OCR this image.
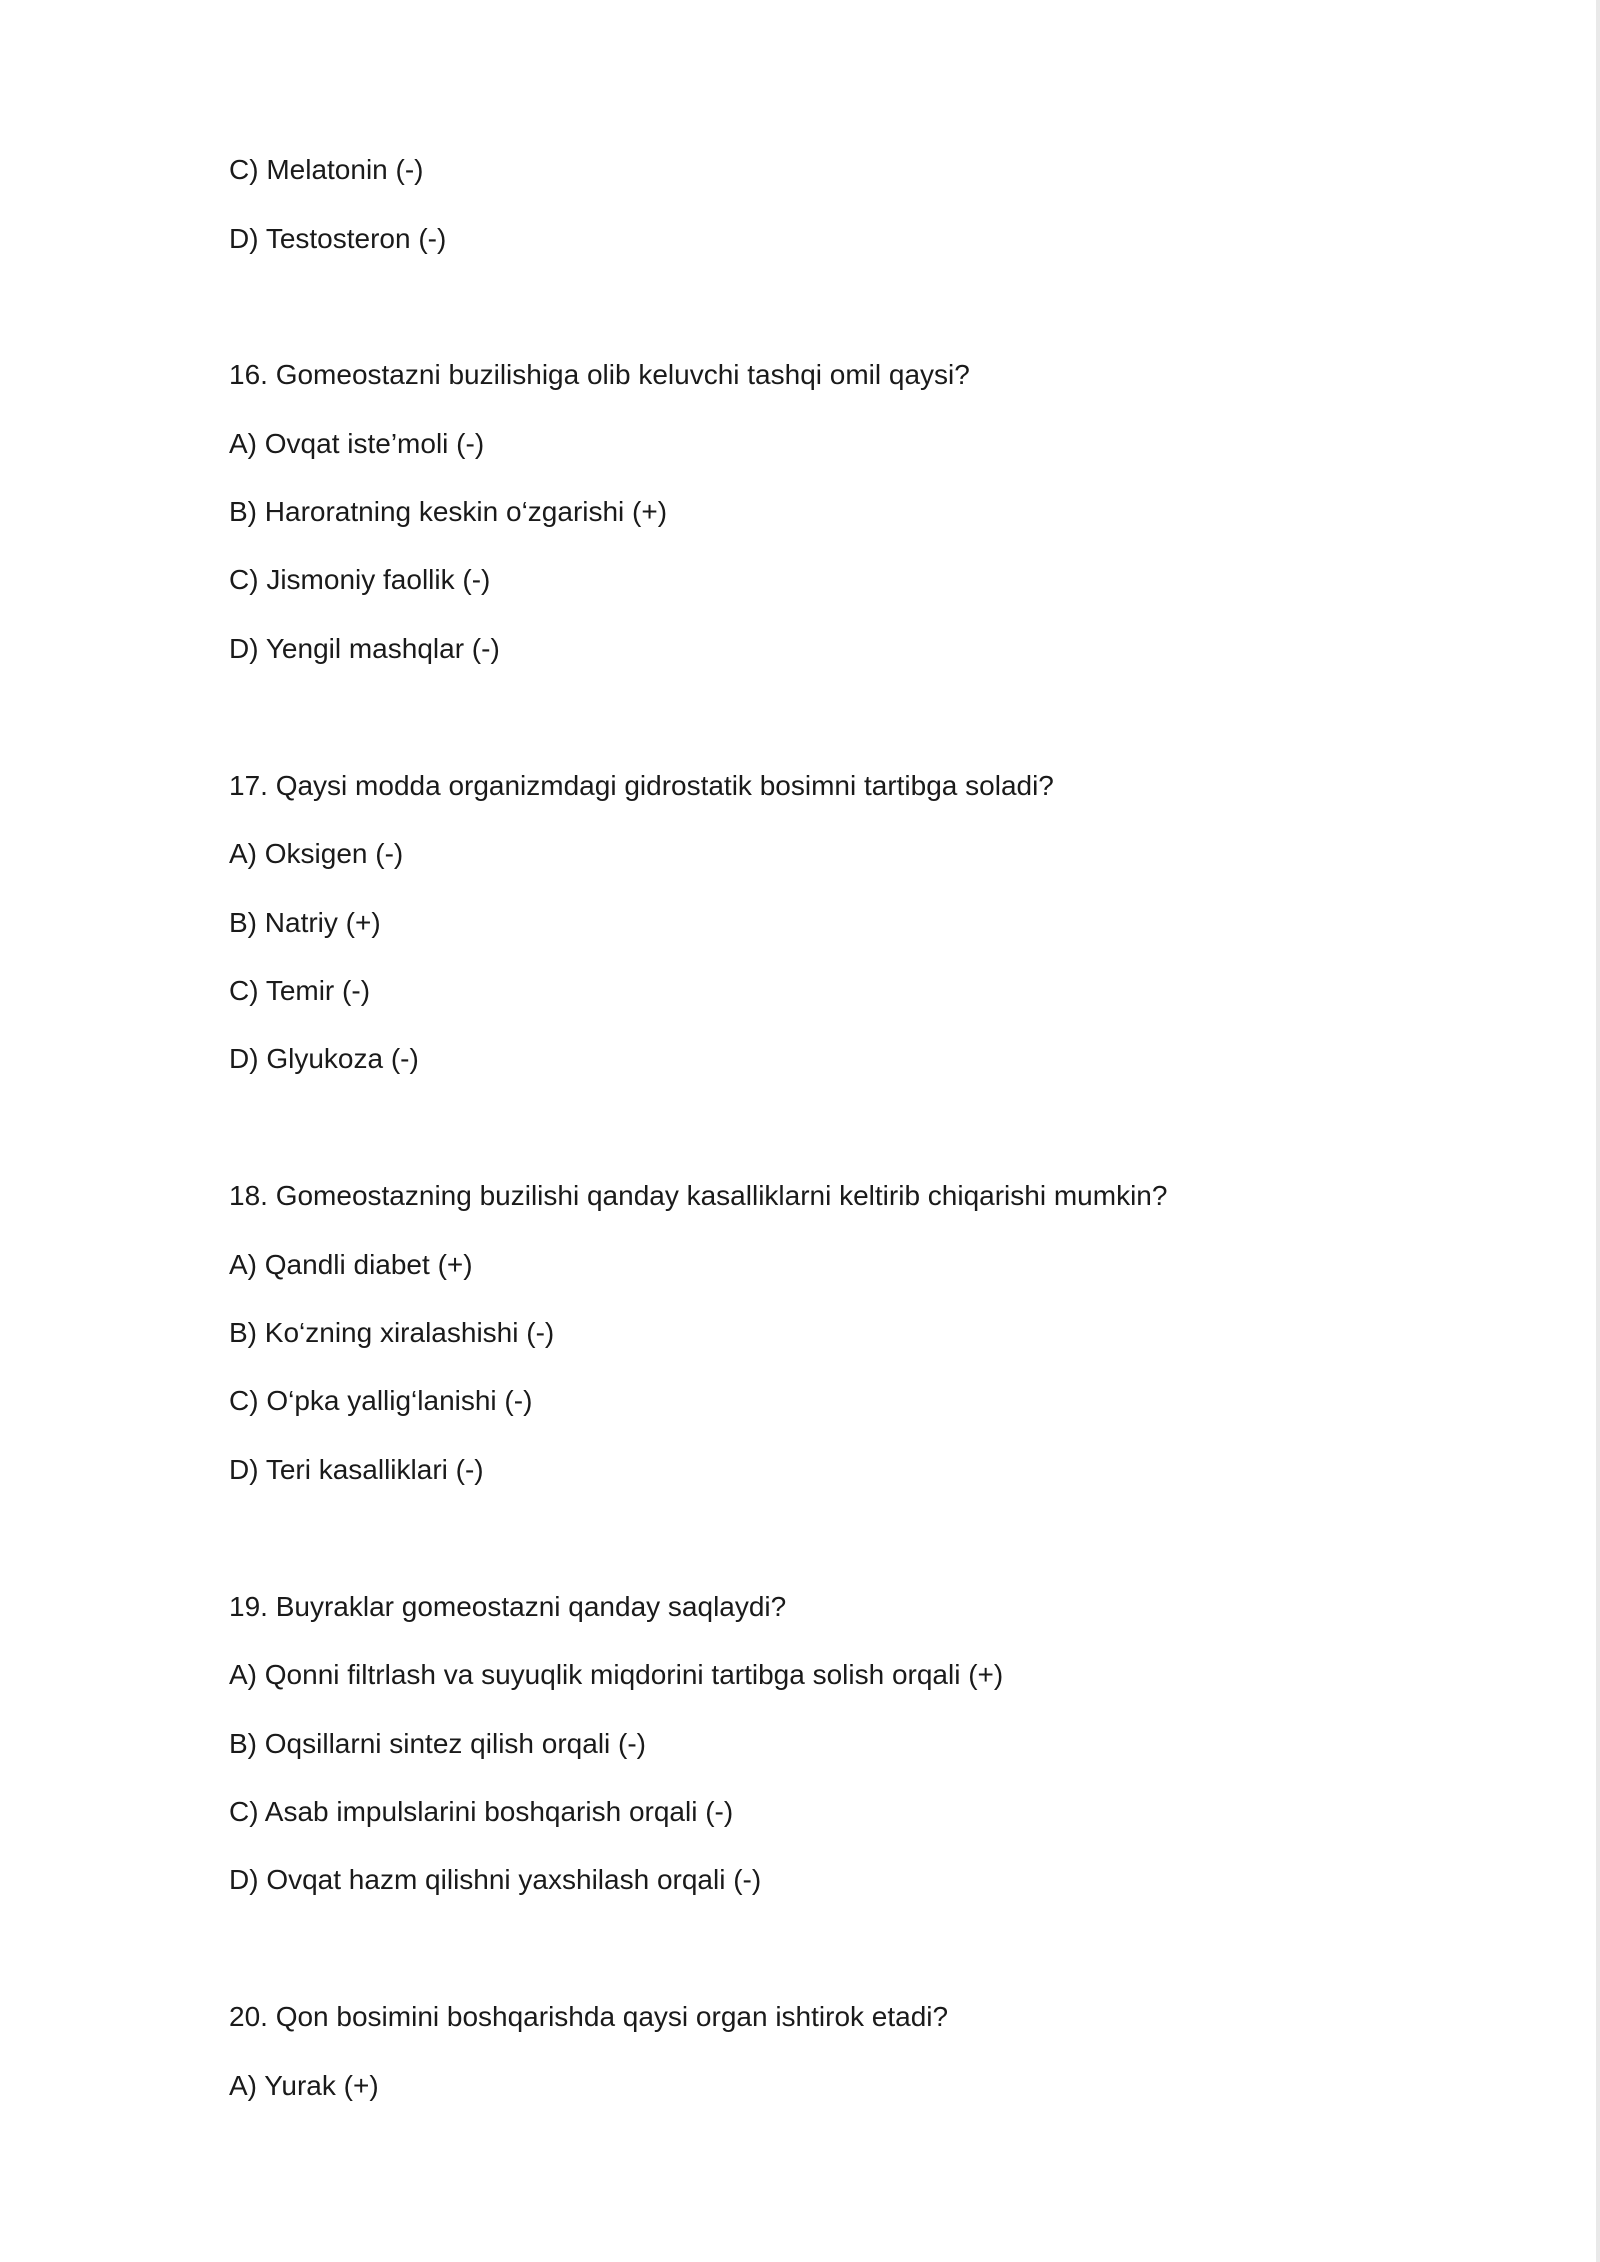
C) Melatonin (-)
D) Testosteron (-)
16. Gomeostazni buzilishiga olib keluvchi tashqi omil qaysi?
A) Ovqat iste’moli (-)
B) Haroratning keskin o‘zgarishi (+)
C) Jismoniy faollik (-)
D) Yengil mashqlar (-)
17. Qaysi modda organizmdagi gidrostatik bosimni tartibga soladi?
A) Oksigen (-)
B) Natriy (+)
C) Temir (-)
D) Glyukoza (-)
18. Gomeostazning buzilishi qanday kasalliklarni keltirib chiqarishi mumkin?
A) Qandli diabet (+)
B) Ko‘zning xiralashishi (-)
C) O‘pka yallig‘lanishi (-)
D) Teri kasalliklari (-)
19. Buyraklar gomeostazni qanday saqlaydi?
A) Qonni filtrlash va suyuqlik miqdorini tartibga solish orqali (+)
B) Oqsillarni sintez qilish orqali (-)
C) Asab impulslarini boshqarish orqali (-)
D) Ovqat hazm qilishni yaxshilash orqali (-)
20. Qon bosimini boshqarishda qaysi organ ishtirok etadi?
A) Yurak (+)
